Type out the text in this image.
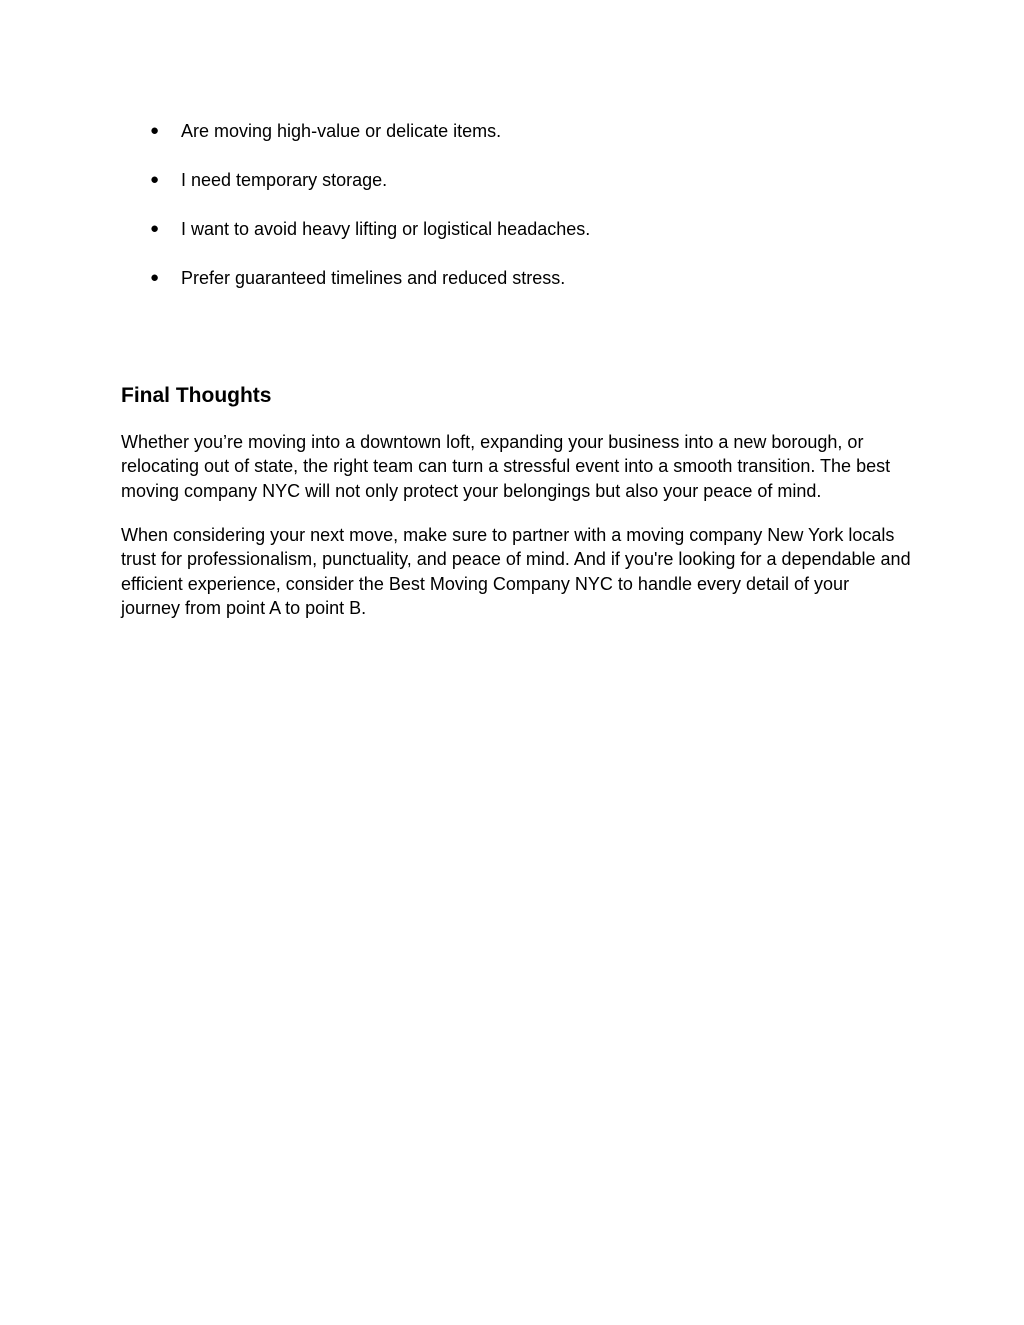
● Are moving high-value or delicate items.
● I need temporary storage.
● I want to avoid heavy lifting or logistical headaches.
● Prefer guaranteed timelines and reduced stress.
Final Thoughts

Whether you’re moving into a downtown loft, expanding your business into a new borough, or relocating out of state, the right team can turn a stressful event into a smooth transition. The best moving company NYC will not only protect your belongings but also your peace of mind.

When considering your next move, make sure to partner with a moving company New York locals trust for professionalism, punctuality, and peace of mind. And if you're looking for a dependable and efficient experience, consider the Best Moving Company NYC to handle every detail of your journey from point A to point B.
